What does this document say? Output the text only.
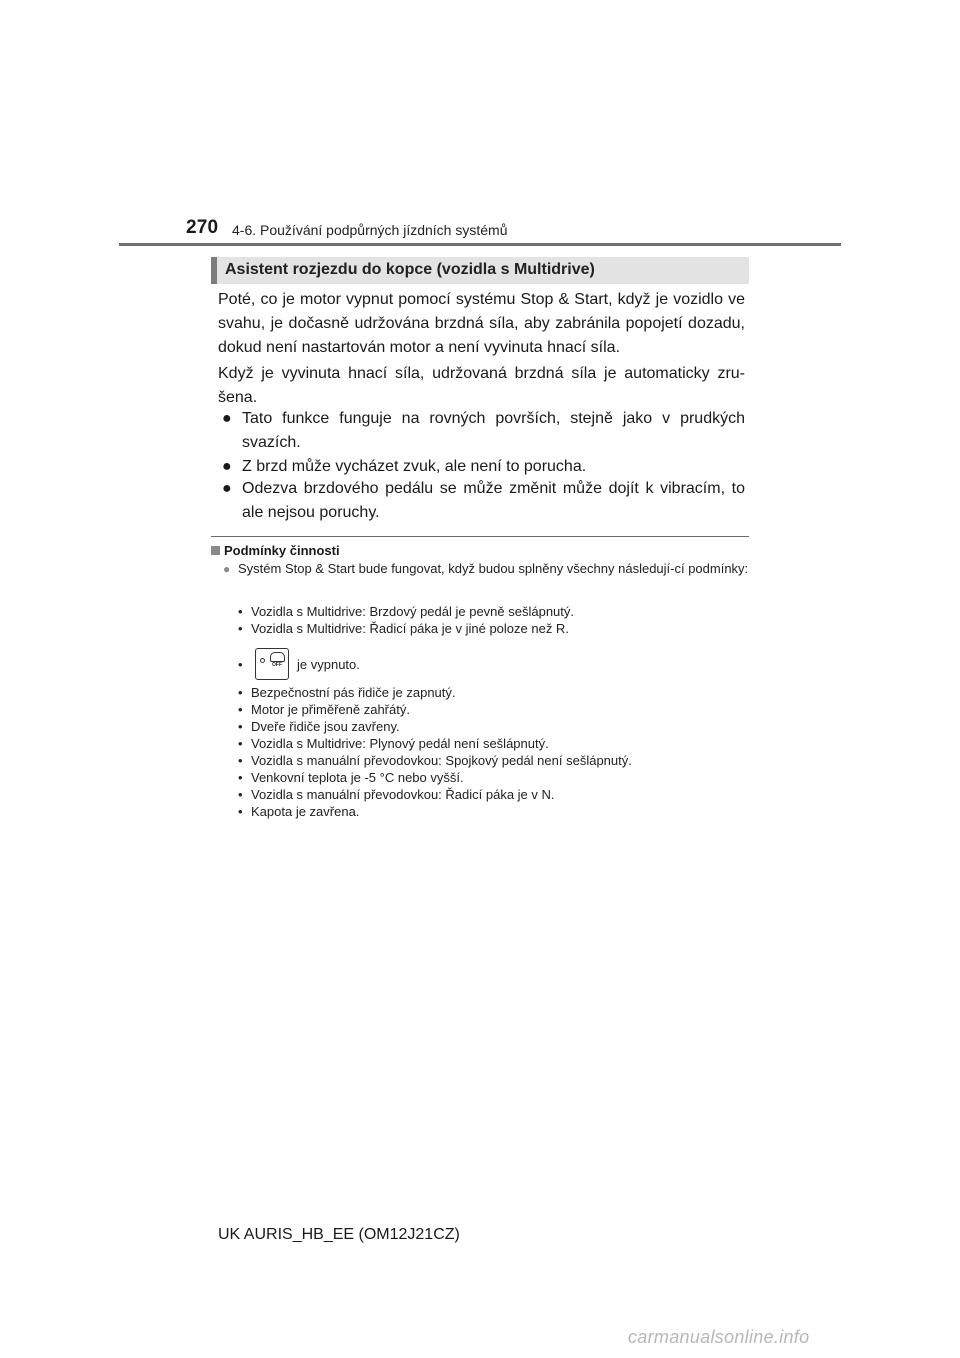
270 4-6. Používání podpůrných jízdních systémů
Asistent rozjezdu do kopce (vozidla s Multidrive)
Poté, co je motor vypnut pomocí systému Stop & Start, když je vozidlo ve svahu, je dočasně udržována brzdná síla, aby zabránila popojetí dozadu, dokud není nastartován motor a není vyvinuta hnací síla.
Když je vyvinuta hnací síla, udržovaná brzdná síla je automaticky zru-šena.
● Tato funkce funguje na rovných površích, stejně jako v prudkých svazích.
● Z brzd může vycházet zvuk, ale není to porucha.
● Odezva brzdového pedálu se může změnit může dojít k vibracím, to ale nejsou poruchy.
Podmínky činnosti
● Systém Stop & Start bude fungovat, když budou splněny všechny následují-cí podmínky:
• Vozidla s Multidrive: Brzdový pedál je pevně sešlápnutý.
• Vozidla s Multidrive: Řadicí páka je v jiné poloze než R.
•	OFF je vypnuto.
• Bezpečnostní pás řidiče je zapnutý.
• Motor je přiměřeně zahřátý.
• Dveře řidiče jsou zavřeny.
• Vozidla s Multidrive: Plynový pedál není sešlápnutý.
• Vozidla s manuální převodovkou: Spojkový pedál není sešlápnutý.
• Venkovní teplota je -5 °C nebo vyšší.
• Vozidla s manuální převodovkou: Řadicí páka je v N.
• Kapota je zavřena.
UK AURIS_HB_EE (OM12J21CZ)
carmanualsonline.info
